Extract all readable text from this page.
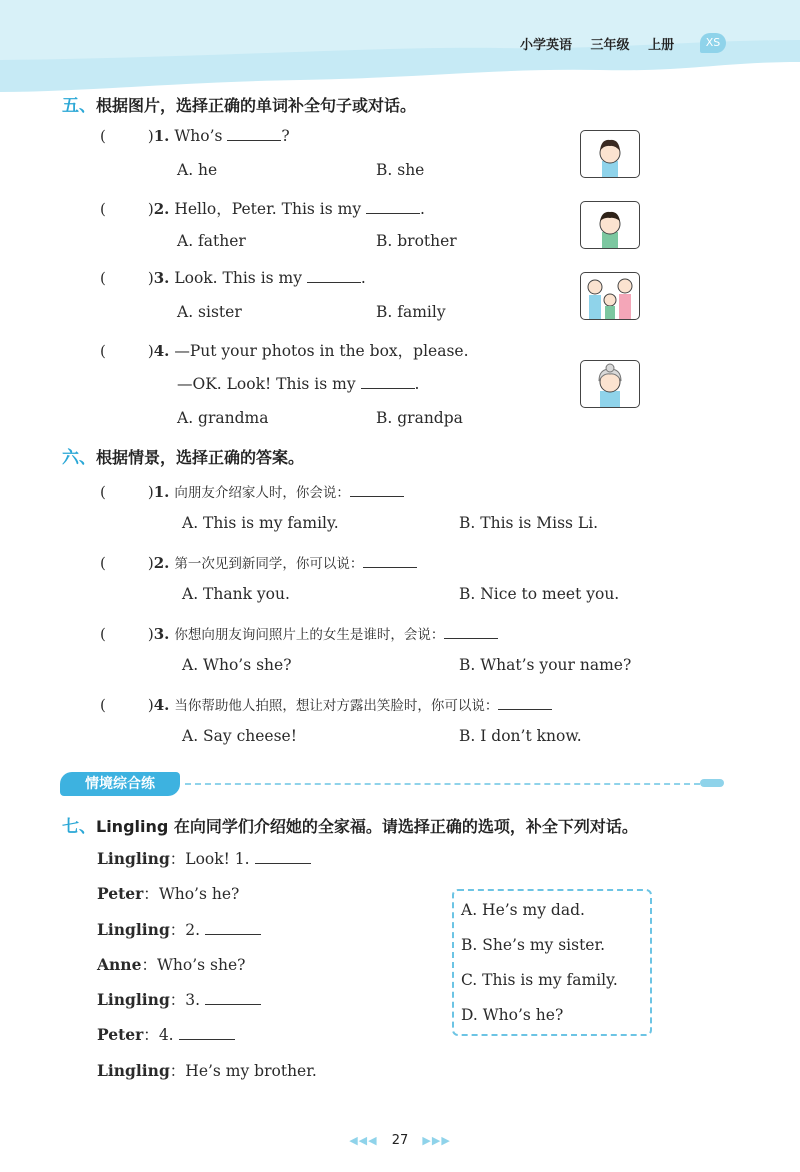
小学英语 三年级 上册	XS
五、根据图片，选择正确的单词补全句子或对话。
(	)1. Who’s	?
A. he	B. she
(	)2. Hello，Peter. This is my	.
A. father	B. brother
(	)3. Look. This is my	.
A. sister	B. family
(	)4. —Put your photos in the box，please.
—OK. Look! This is my	.
A. grandma	B. grandpa
六、根据情景，选择正确的答案。
(	)1. 向朋友介绍家人时，你会说：
A. This is my family.	B. This is Miss Li.
(	)2. 第一次见到新同学，你可以说：
A. Thank you.	B. Nice to meet you.
(	)3. 你想向朋友询问照片上的女生是谁时，会说：
A. Who’s she?	B. What’s your name?
(	)4. 当你帮助他人拍照，想让对方露出笑脸时，你可以说：
A. Say cheese!	B. I don’t know.
情境综合练
七、Lingling 在向同学们介绍她的全家福。请选择正确的选项，补全下列对话。
Lingling：Look! 1.
Peter：Who’s he?
Lingling：2.
Anne：Who’s she?
Lingling：3.
Peter：4.
Lingling：He’s my brother.
A. He’s my dad.
B. She’s my sister.
C. This is my family.
D. Who’s he?
◀◀◀ 27 ▶▶▶
